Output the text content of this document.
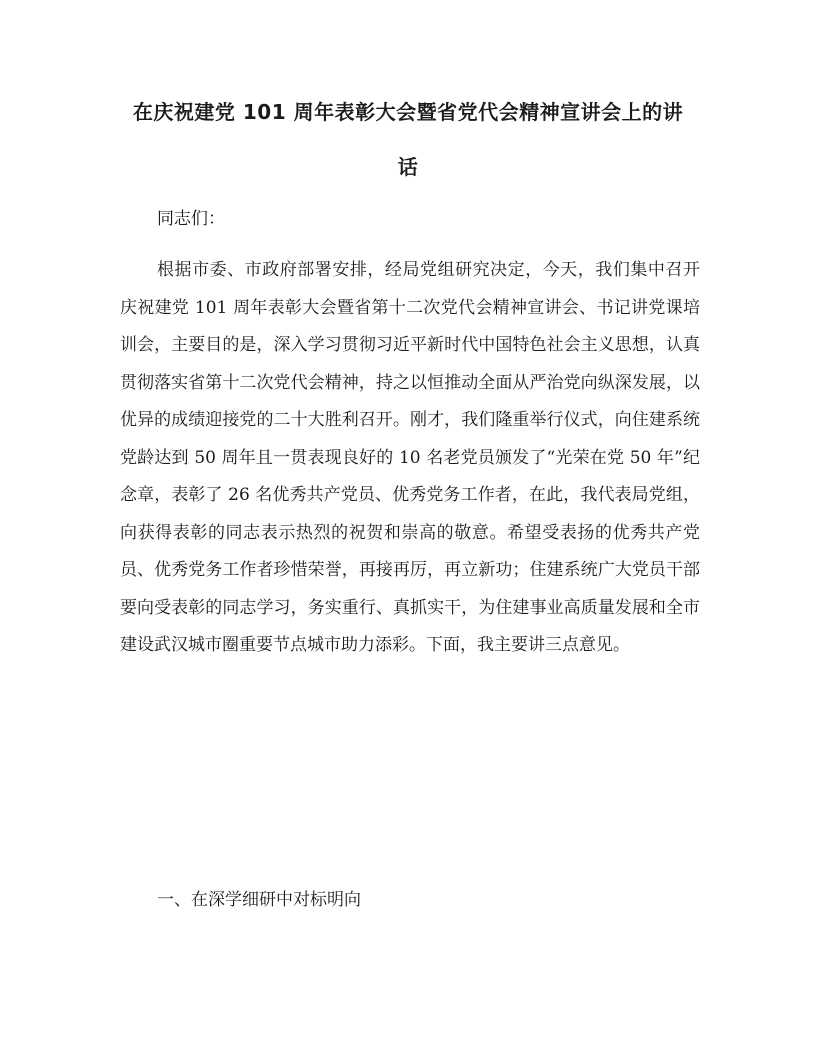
在庆祝建党 101 周年表彰大会暨省党代会精神宣讲会上的讲
话

同志们：

根据市委、市政府部署安排，经局党组研究决定，今天，我们集中召开庆祝建党 101 周年表彰大会暨省第十二次党代会精神宣讲会、书记讲党课培训会，主要目的是，深入学习贯彻习近平新时代中国特色社会主义思想，认真贯彻落实省第十二次党代会精神，持之以恒推动全面从严治党向纵深发展，以优异的成绩迎接党的二十大胜利召开。刚才，我们隆重举行仪式，向住建系统党龄达到 50 周年且一贯表现良好的 10 名老党员颁发了“光荣在党 50 年”纪念章，表彰了 26 名优秀共产党员、优秀党务工作者，在此，我代表局党组，向获得表彰的同志表示热烈的祝贺和崇高的敬意。希望受表扬的优秀共产党员、优秀党务工作者珍惜荣誉，再接再厉，再立新功；住建系统广大党员干部要向受表彰的同志学习，务实重行、真抓实干，为住建事业高质量发展和全市建设武汉城市圈重要节点城市助力添彩。下面，我主要讲三点意见。

一、在深学细研中对标明向
